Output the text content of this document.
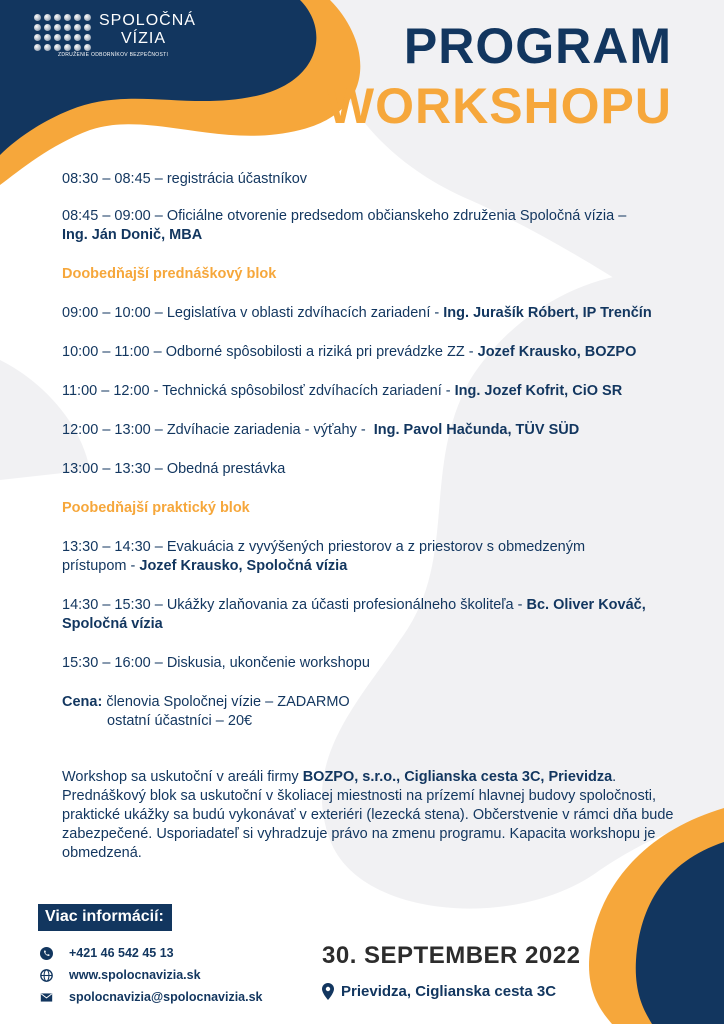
SPOLOČNÁ
VÍZIA
ZDRUŽENIE ODBORNÍKOV BEZPEČNOSTI	PROGRAM
WORKSHOPU

08:30 – 08:45 – registrácia účastníkov

08:45 – 09:00 – Oficiálne otvorenie predsedom občianskeho združenia Spoločná vízia –
Ing. Ján Donič, MBA

Doobedňajší prednáškový blok

09:00 – 10:00 – Legislatíva v oblasti zdvíhacích zariadení - Ing. Jurašík Róbert, IP Trenčín

10:00 – 11:00 – Odborné spôsobilosti a riziká pri prevádzke ZZ - Jozef Krausko, BOZPO

11:00 – 12:00 - Technická spôsobilosť zdvíhacích zariadení - Ing. Jozef Kofrit, CiO SR

12:00 – 13:00 – Zdvíhacie zariadenia - výťahy - Ing. Pavol Hačunda, TÜV SÜD

13:00 – 13:30 – Obedná prestávka

Poobedňajší praktický blok

13:30 – 14:30 – Evakuácia z vyvýšených priestorov a z priestorov s obmedzeným
prístupom - Jozef Krausko, Spoločná vízia

14:30 – 15:30 – Ukážky zlaňovania za účasti profesionálneho školiteľa - Bc. Oliver Kováč,
Spoločná vízia

15:30 – 16:00 – Diskusia, ukončenie workshopu

Cena: členovia Spoločnej vízie – ZADARMO
ostatní účastníci – 20€

Workshop sa uskutoční v areáli firmy BOZPO, s.r.o., Ciglianska cesta 3C, Prievidza. Prednáškový blok sa uskutoční v školiacej miestnosti na prízemí hlavnej budovy spoločnosti, praktické ukážky sa budú vykonávať v exteriéri (lezecká stena). Občerstvenie v rámci dňa bude zabezpečené. Usporiadateľ si vyhradzuje právo na zmenu programu. Kapacita workshopu je obmedzená.
Viac informácií:
+421 46 542 45 13
www.spolocnavizia.sk
spolocnavizia@spolocnavizia.sk
30. SEPTEMBER 2022
Prievidza, Ciglianska cesta 3C
